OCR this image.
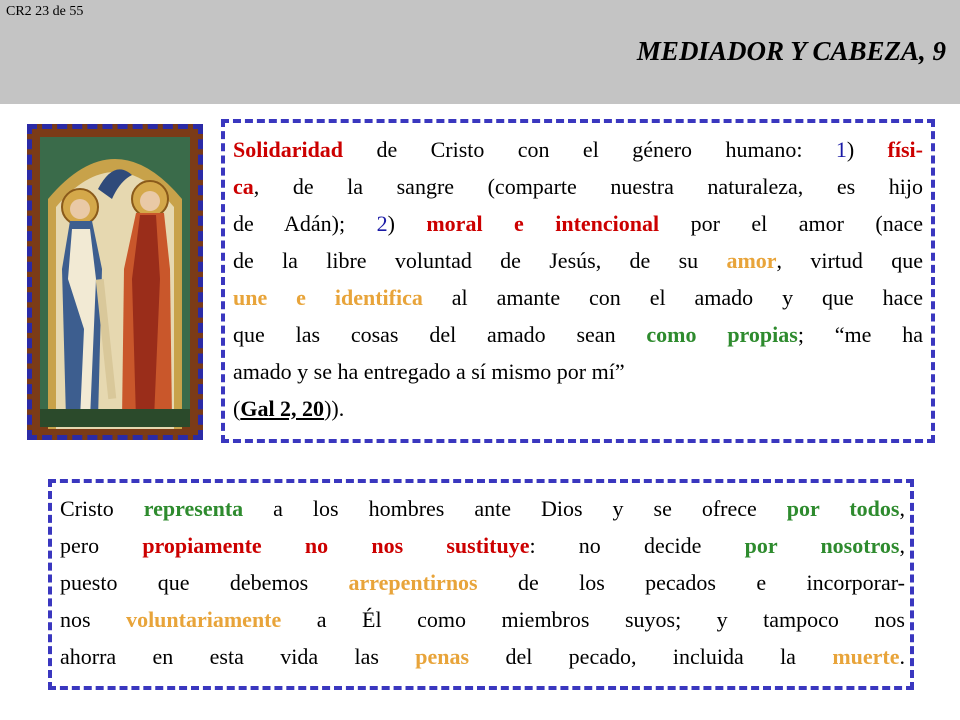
CR2 23 de 55
MEDIADOR Y CABEZA, 9
Solidaridad de Cristo con el género humano: 1) físi-
ca, de la sangre (comparte nuestra naturaleza, es hijo
de Adán); 2) moral e intencional por el amor (nace
de la libre voluntad de Jesús, de su amor, virtud que
une e identifica al amante con el amado y que hace
que las cosas del amado sean como propias; “me ha
amado y se ha entregado a sí mismo por mí”
(Gal 2, 20)).
Cristo representa a los hombres ante Dios y se ofrece por todos,
pero propiamente no nos sustituye: no decide por nosotros,
puesto que debemos arrepentirnos de los pecados e incorporar-
nos voluntariamente a Él como miembros suyos; y tampoco nos
ahorra en esta vida las penas del pecado, incluida la muerte.
